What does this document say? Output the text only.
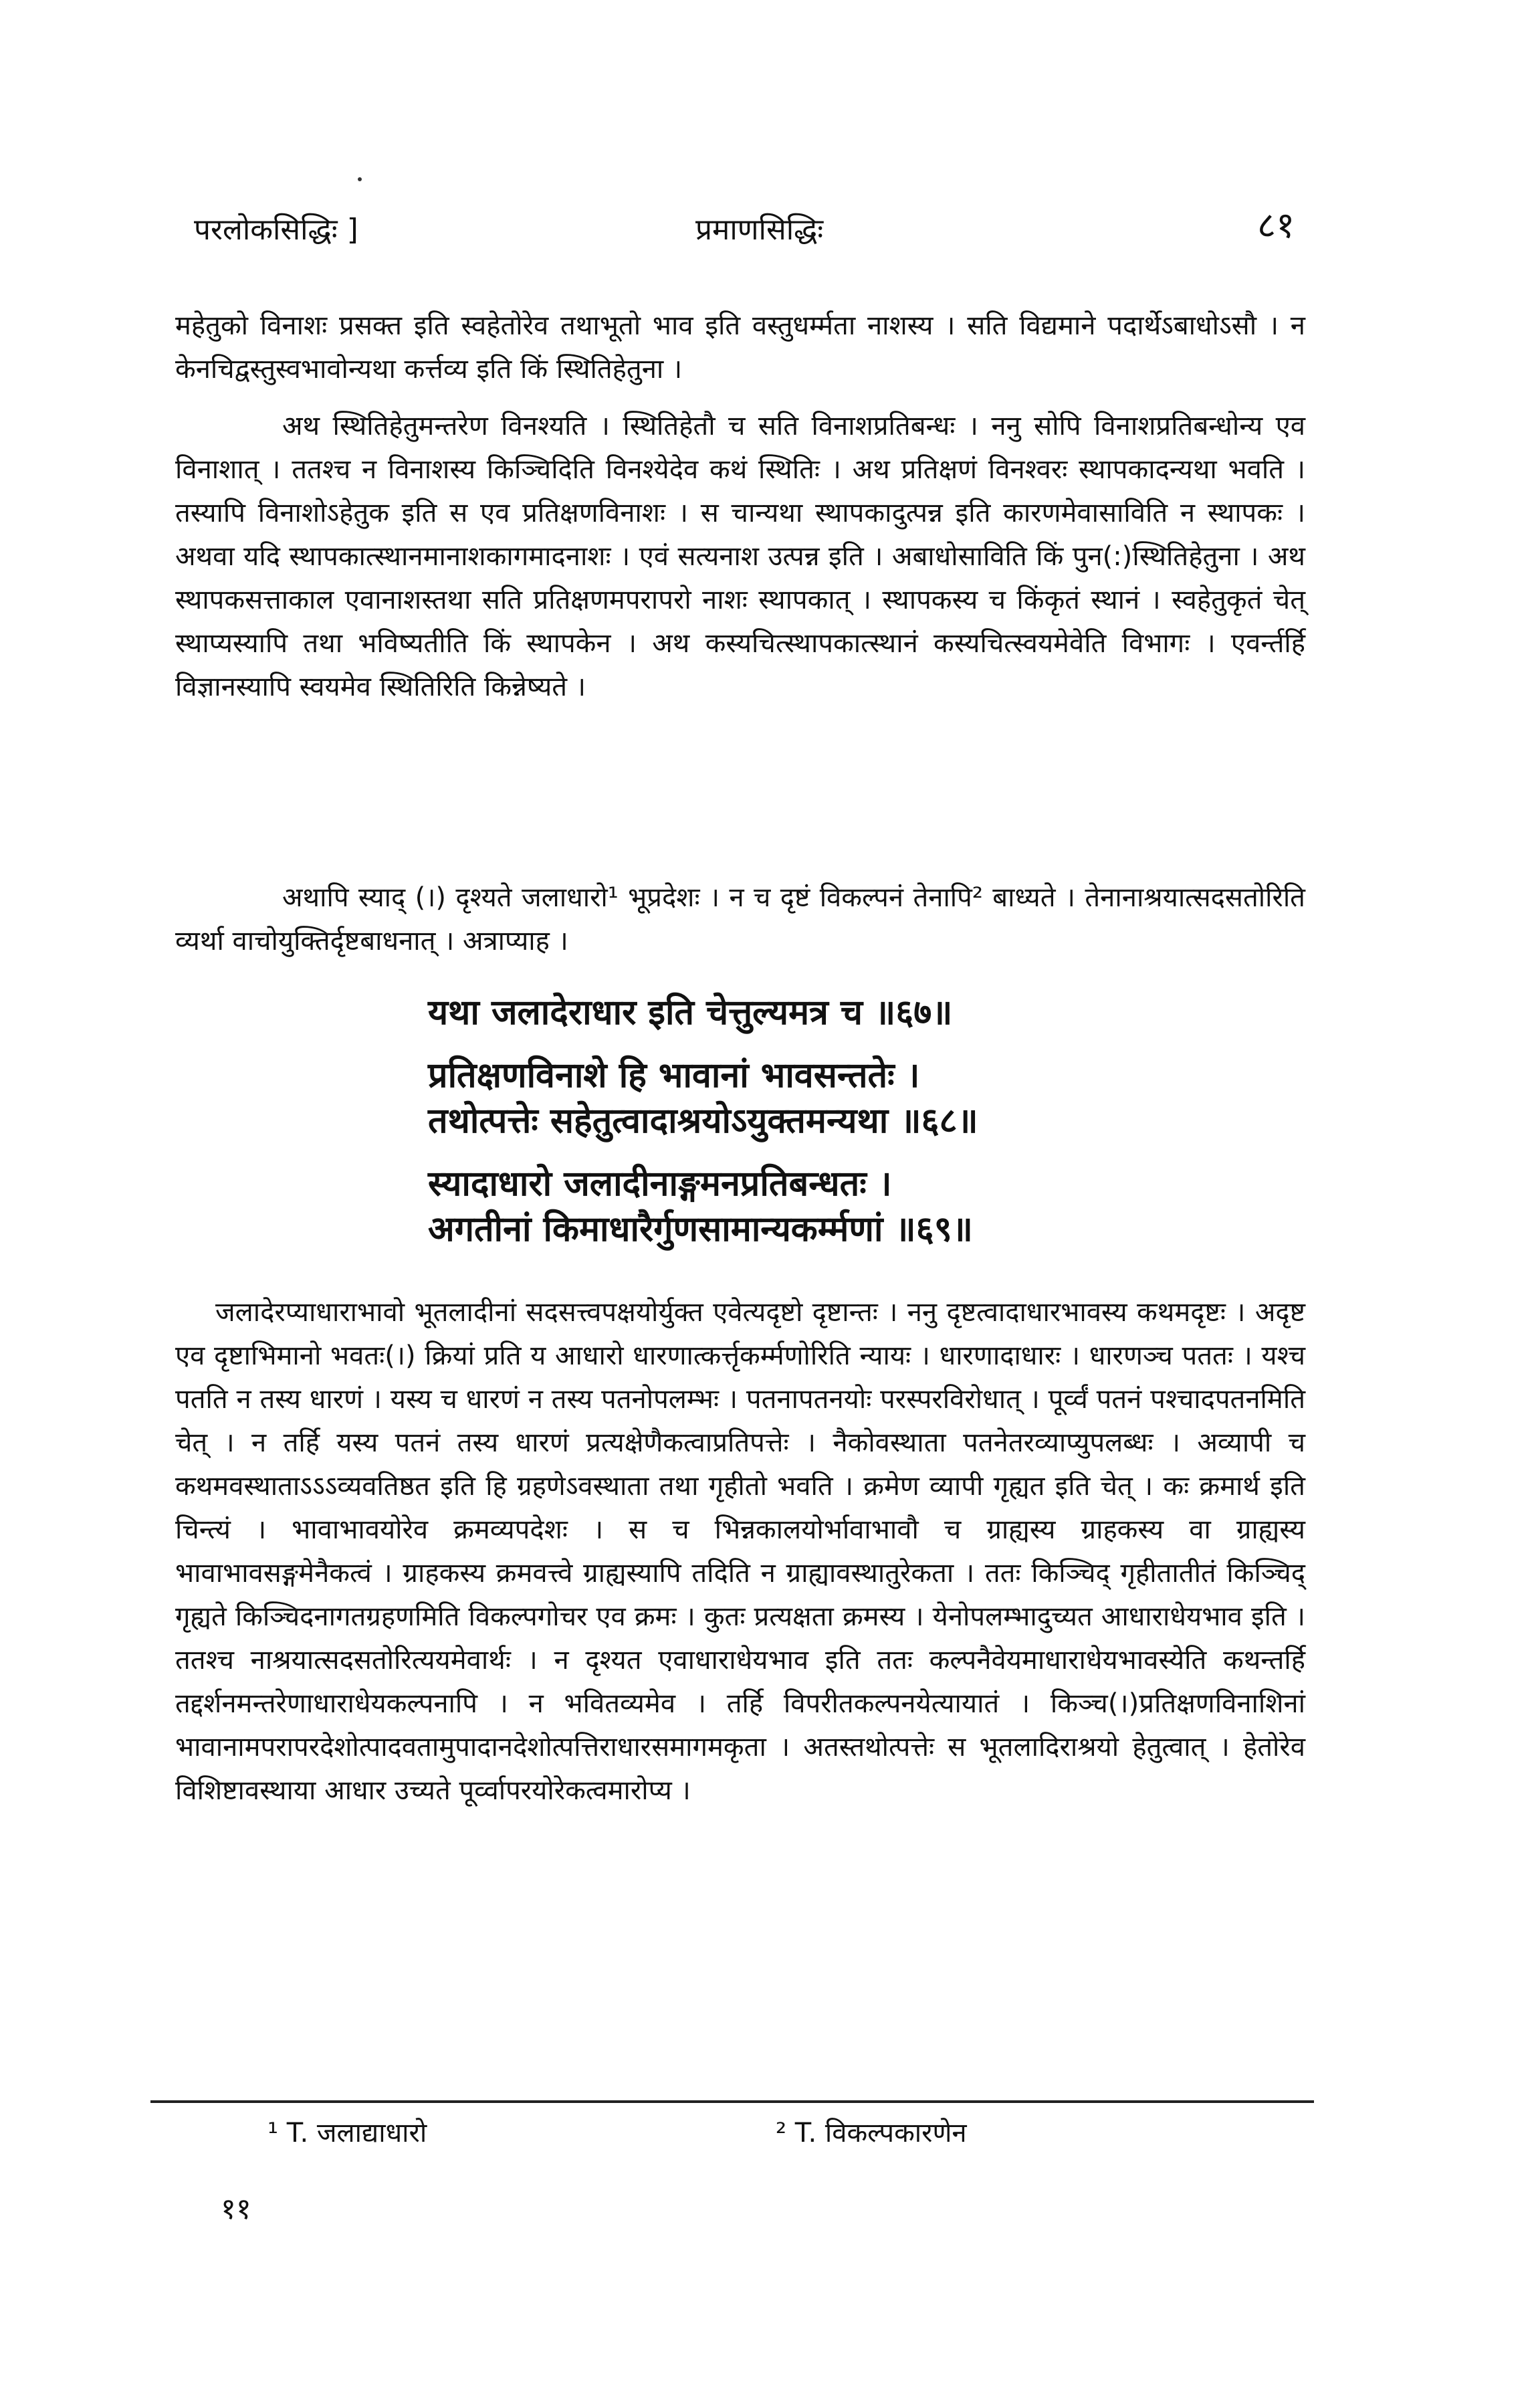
परलोकसिद्धिः ]	प्रमाणसिद्धिः	८१
महेतुको विनाशः प्रसक्त इति स्वहेतोरेव तथाभूतो भाव इति वस्तुधर्म्मता नाशस्य । सति विद्यमाने पदार्थेऽबाधोऽसौ । न केनचिद्वस्तुस्वभावोन्यथा कर्त्तव्य इति किं स्थितिहेतुना ।
अथ स्थितिहेतुमन्तरेण विनश्यति । स्थितिहेतौ च सति विनाशप्रतिबन्धः । ननु सोपि विनाशप्रतिबन्धोन्य एव विनाशात् । ततश्च न विनाशस्य किञ्चिदिति विनश्येदेव कथं स्थितिः । अथ प्रतिक्षणं विनश्वरः स्थापकादन्यथा भवति । तस्यापि विनाशोऽहेतुक इति स एव प्रतिक्षणविनाशः । स चान्यथा स्थापकादुत्पन्न इति कारणमेवासाविति न स्थापकः । अथवा यदि स्थापकात्स्थानमानाशकागमादनाशः । एवं सत्यनाश उत्पन्न इति । अबाधोसाविति किं पुन(:)स्थितिहेतुना । अथ स्थापकसत्ताकाल एवानाशस्तथा सति प्रतिक्षणमपरापरो नाशः स्थापकात् । स्थापकस्य च किंकृतं स्थानं । स्वहेतुकृतं चेत् स्थाप्यस्यापि तथा भविष्यतीति किं स्थापकेन । अथ कस्यचित्स्थापकात्स्थानं कस्यचित्स्वयमेवेति विभागः । एवर्न्तर्हि विज्ञानस्यापि स्वयमेव स्थितिरिति किन्नेष्यते ।
अथापि स्याद् (।) दृश्यते जलाधारो¹ भूप्रदेशः । न च दृष्टं विकल्पनं तेनापि² बाध्यते । तेनानाश्रयात्सदसतोरिति व्यर्था वाचोयुक्तिर्दृष्टबाधनात् । अत्राप्याह ।
यथा जलादेराधार इति चेत्तुल्यमत्र च ॥६७॥
प्रतिक्षणविनाशे हि भावानां भावसन्ततेः ।
तथोत्पत्तेः सहेतुत्वादाश्रयोऽयुक्तमन्यथा ॥६८॥
स्यादाधारो जलादीनाङ्गमनप्रतिबन्धतः ।
अगतीनां किमाधारैर्गुणसामान्यकर्म्मणां ॥६९॥
जलादेरप्याधाराभावो भूतलादीनां सदसत्त्वपक्षयोर्युक्त एवेत्यदृष्टो दृष्टान्तः । ननु दृष्टत्वादाधारभावस्य कथमदृष्टः । अदृष्ट एव दृष्टाभिमानो भवतः(।) क्रियां प्रति य आधारो धारणात्कर्त्तृकर्म्मणोरिति न्यायः । धारणादाधारः । धारणञ्च पततः । यश्च पतति न तस्य धारणं । यस्य च धारणं न तस्य पतनोपलम्भः । पतनापतनयोः परस्परविरोधात् । पूर्व्वं पतनं पश्चादपतनमिति चेत् । न तर्हि यस्य पतनं तस्य धारणं प्रत्यक्षेणैकत्वाप्रतिपत्तेः । नैकोवस्थाता पतनेतरव्याप्युपलब्धः । अव्यापी च कथमवस्थाताऽऽऽव्यवतिष्ठत इति हि ग्रहणेऽवस्थाता तथा गृहीतो भवति । क्रमेण व्यापी गृह्यत इति चेत् । कः क्रमार्थ इति चिन्त्यं । भावाभावयोरेव क्रमव्यपदेशः । स च भिन्नकालयोर्भावाभावौ च ग्राह्यस्य ग्राहकस्य वा ग्राह्यस्य भावाभावसङ्गमेनैकत्वं । ग्राहकस्य क्रमवत्त्वे ग्राह्यस्यापि तदिति न ग्राह्यावस्थातुरेकता । ततः किञ्चिद् गृहीतातीतं किञ्चिद् गृह्यते किञ्चिदनागतग्रहणमिति विकल्पगोचर एव क्रमः । कुतः प्रत्यक्षता क्रमस्य । येनोपलम्भादुच्यत आधाराधेयभाव इति । ततश्च नाश्रयात्सदसतोरित्ययमेवार्थः । न दृश्यत एवाधाराधेयभाव इति ततः कल्पनैवेयमाधाराधेयभावस्येति कथन्तर्हि तद्दर्शनमन्तरेणाधाराधेयकल्पनापि । न भवितव्यमेव । तर्हि विपरीतकल्पनयेत्यायातं । किञ्च(।)प्रतिक्षणविनाशिनां भावानामपरापरदेशोत्पादवतामुपादानदेशोत्पत्तिराधारसमागमकृता । अतस्तथोत्पत्तेः स भूतलादिराश्रयो हेतुत्वात् । हेतोरेव विशिष्टावस्थाया आधार उच्यते पूर्व्वापरयोरेकत्वमारोप्य ।
¹ T. जलाद्याधारो	² T. विकल्पकारणेन
११
